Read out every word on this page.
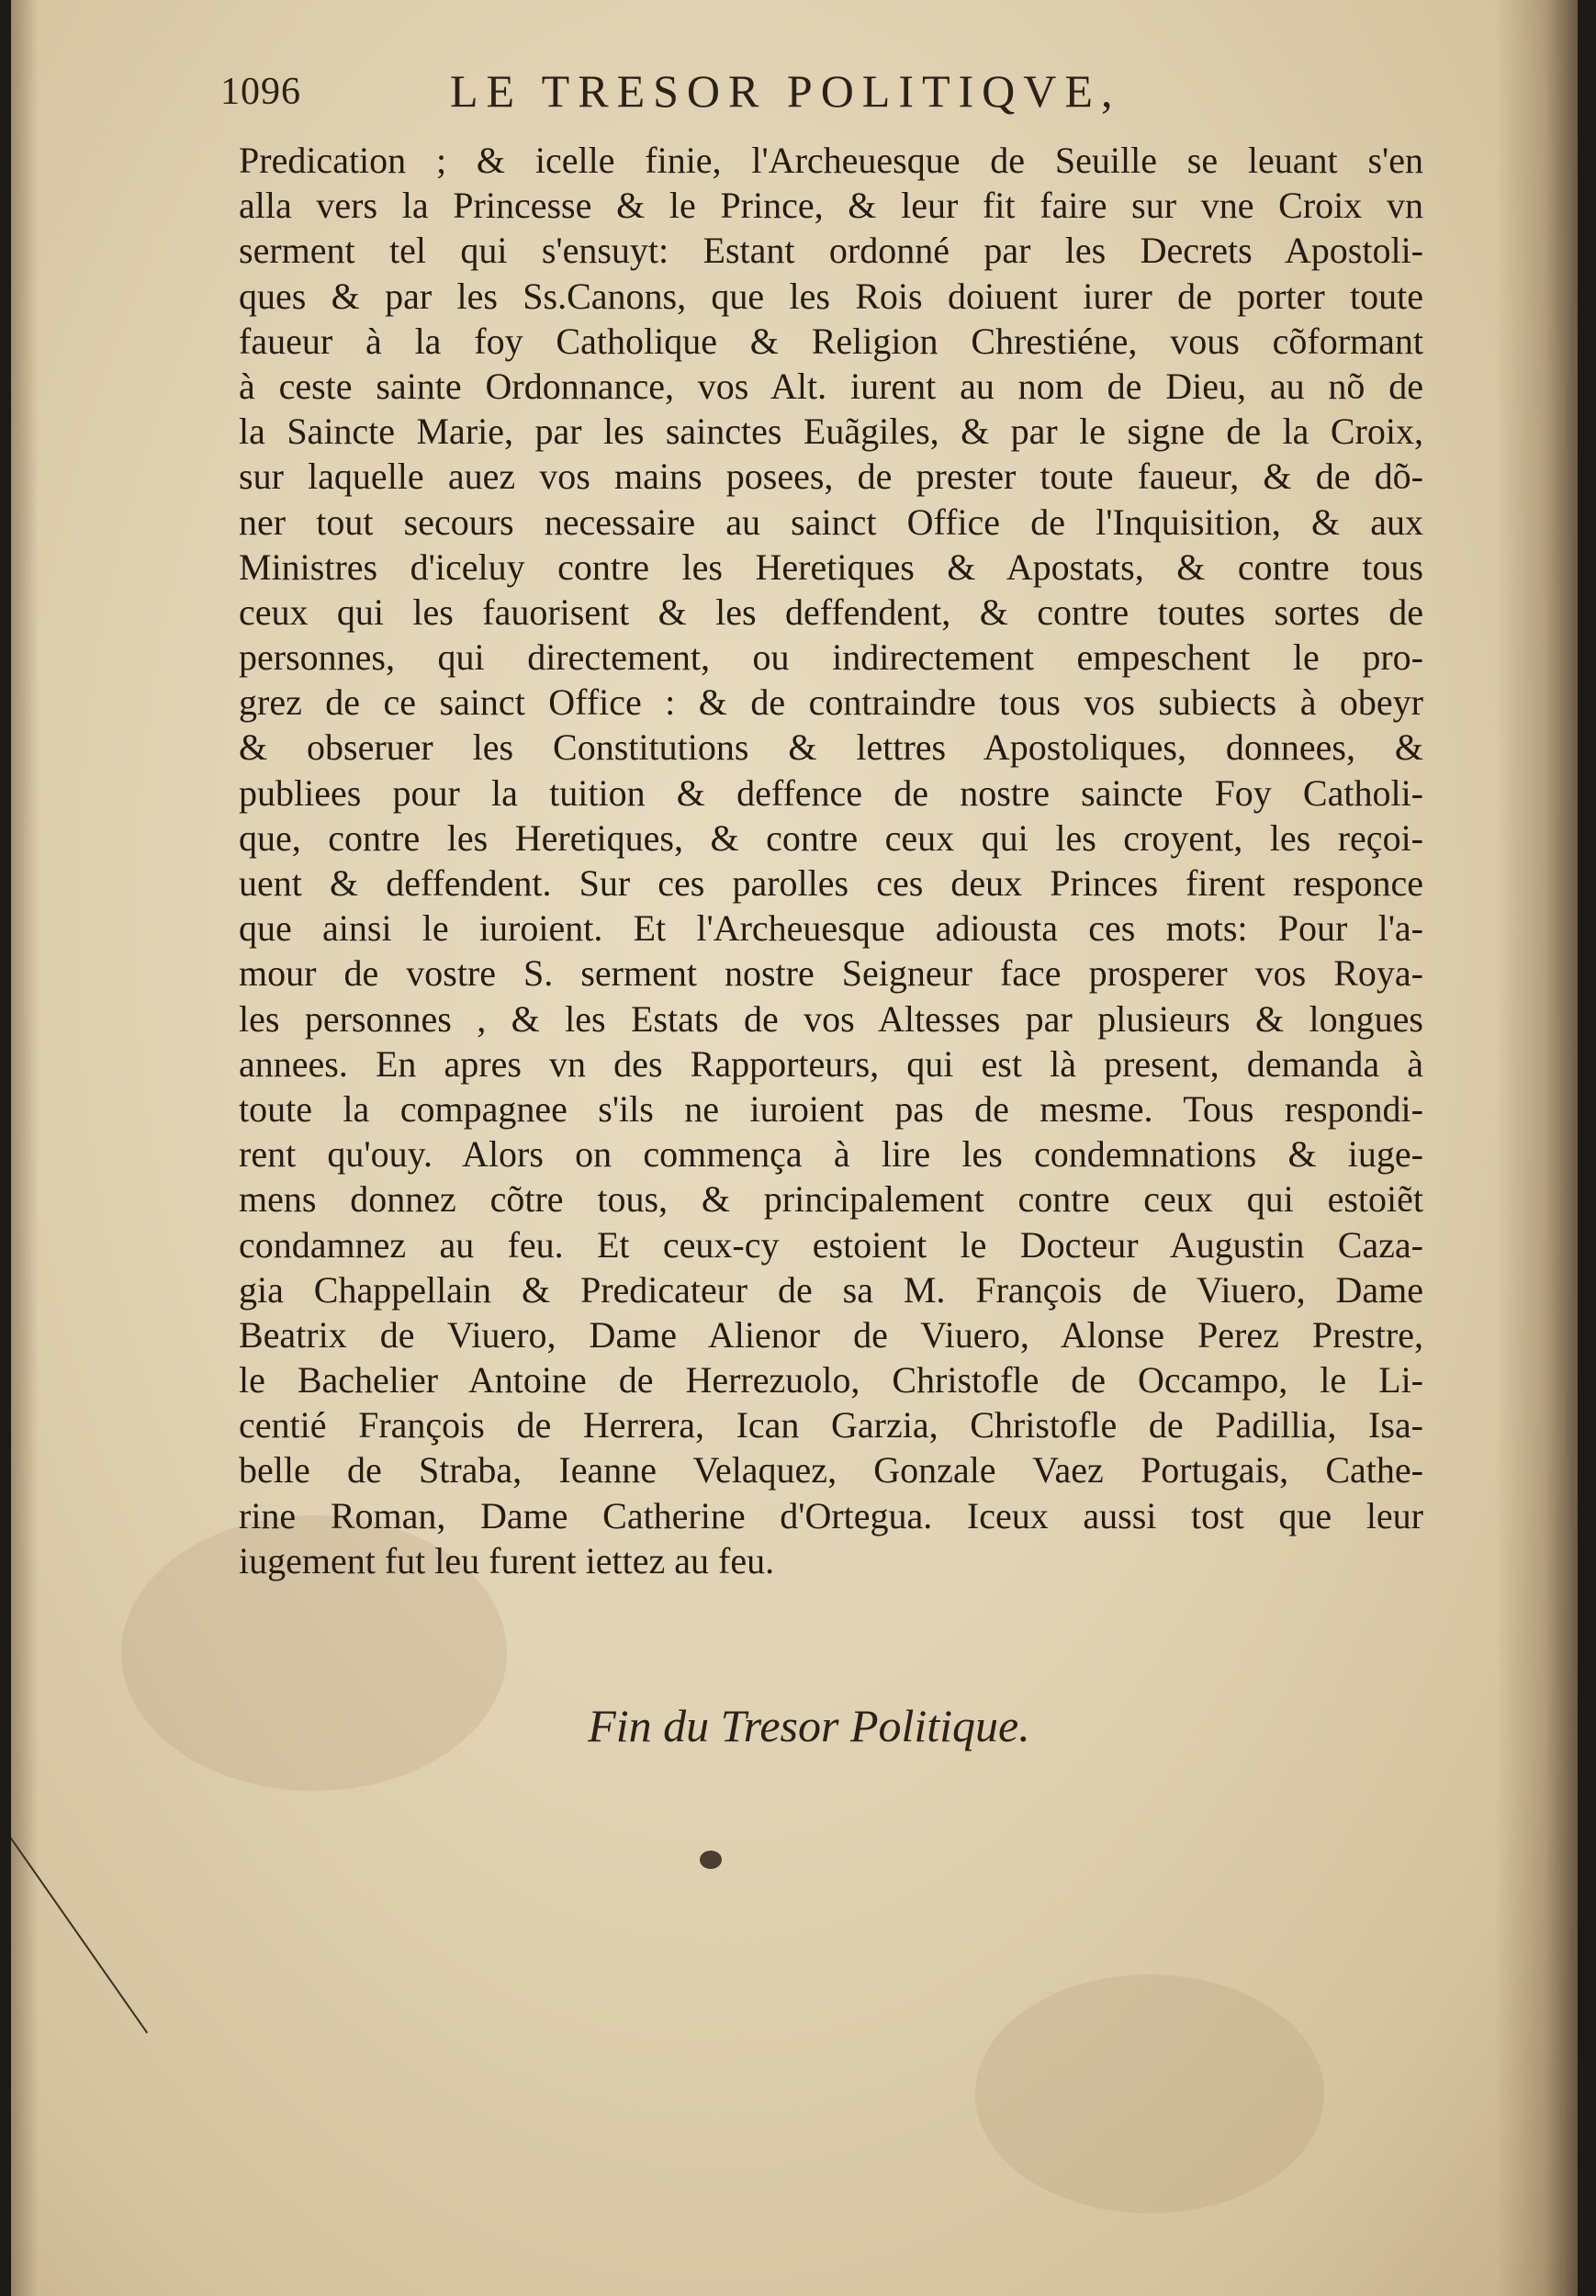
1096	LE TRESOR POLITIQVE,
Predication ; & icelle finie, l'Archeuesque de Seuille se leuant s'en
alla vers la Princesse & le Prince, & leur fit faire sur vne Croix vn
serment tel qui s'ensuyt: Estant ordonné par les Decrets Apostoli-
ques & par les Ss.Canons, que les Rois doiuent iurer de porter toute
faueur à la foy Catholique & Religion Chrestiéne, vous cõformant
à ceste sainte Ordonnance, vos Alt. iurent au nom de Dieu, au nõ de
la Saincte Marie, par les sainctes Euãgiles, & par le signe de la Croix,
sur laquelle auez vos mains posees, de prester toute faueur, & de dõ-
ner tout secours necessaire au sainct Office de l'Inquisition, & aux
Ministres d'iceluy contre les Heretiques & Apostats, & contre tous
ceux qui les fauorisent & les deffendent, & contre toutes sortes de
personnes, qui directement, ou indirectement empeschent le pro-
grez de ce sainct Office : & de contraindre tous vos subiects à obeyr
& obseruer les Constitutions & lettres Apostoliques, donnees, &
publiees pour la tuition & deffence de nostre saincte Foy Catholi-
que, contre les Heretiques, & contre ceux qui les croyent, les reçoi-
uent & deffendent. Sur ces parolles ces deux Princes firent responce
que ainsi le iuroient. Et l'Archeuesque adiousta ces mots: Pour l'a-
mour de vostre S. serment nostre Seigneur face prosperer vos Roya-
les personnes , & les Estats de vos Altesses par plusieurs & longues
annees. En apres vn des Rapporteurs, qui est là present, demanda à
toute la compagnee s'ils ne iuroient pas de mesme. Tous respondi-
rent qu'ouy. Alors on commença à lire les condemnations & iuge-
mens donnez cõtre tous, & principalement contre ceux qui estoiẽt
condamnez au feu. Et ceux-cy estoient le Docteur Augustin Caza-
gia Chappellain & Predicateur de sa M. François de Viuero, Dame
Beatrix de Viuero, Dame Alienor de Viuero, Alonse Perez Prestre,
le Bachelier Antoine de Herrezuolo, Christofle de Occampo, le Li-
centié François de Herrera, Ican Garzia, Christofle de Padillia, Isa-
belle de Straba, Ieanne Velaquez, Gonzale Vaez Portugais, Cathe-
rine Roman, Dame Catherine d'Ortegua. Iceux aussi tost que leur
iugement fut leu furent iettez au feu.
Fin du Tresor Politique.
